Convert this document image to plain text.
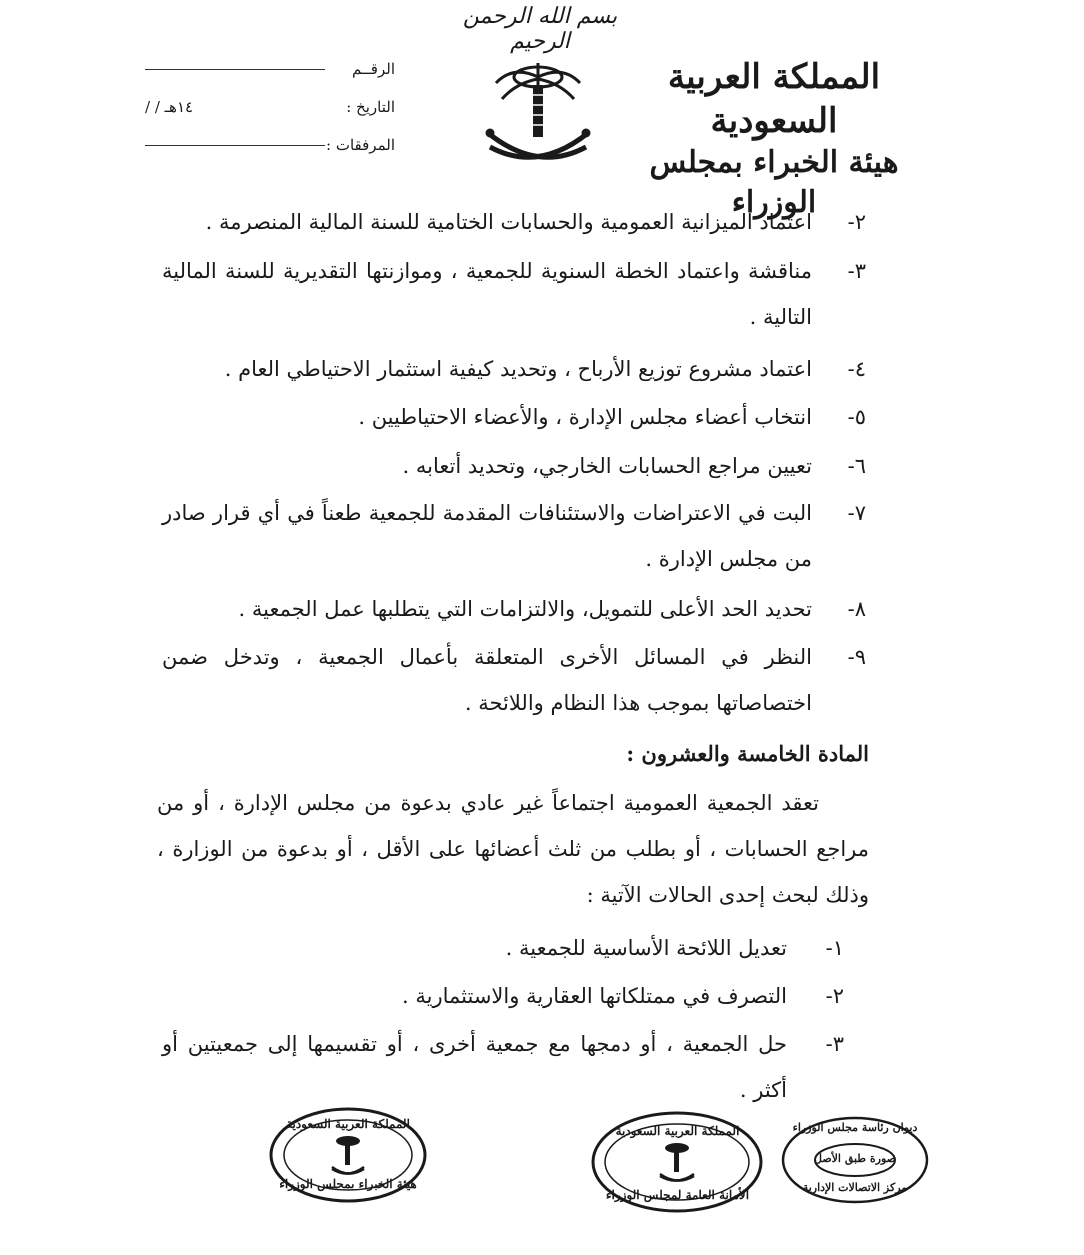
بسم الله الرحمن الرحيم
المملكة العربية السعودية
هيئة الخبراء بمجلس الوزراء
الرقــم
التاريخ :
/ / ١٤هـ
المرفقات :
٢-
اعتماد الميزانية العمومية والحسابات الختامية للسنة المالية المنصرمة .
٣-
مناقشة واعتماد الخطة السنوية للجمعية ، وموازنتها التقديرية للسنة المالية التالية .
٤-
اعتماد مشروع توزيع الأرباح ، وتحديد كيفية استثمار الاحتياطي العام .
٥-
انتخاب أعضاء مجلس الإدارة ، والأعضاء الاحتياطيين .
٦-
تعيين مراجع الحسابات الخارجي، وتحديد أتعابه .
٧-
البت في الاعتراضات والاستئنافات المقدمة للجمعية طعناً في أي قرار صادر من مجلس الإدارة .
٨-
تحديد الحد الأعلى للتمويل، والالتزامات التي يتطلبها عمل الجمعية .
٩-
النظر في المسائل الأخرى المتعلقة بأعمال الجمعية ، وتدخل ضمن اختصاصاتها بموجب هذا النظام واللائحة .
المادة الخامسة والعشرون :
تعقد الجمعية العمومية اجتماعاً غير عادي بدعوة من مجلس الإدارة ، أو من مراجع الحسابات ، أو بطلب من ثلث أعضائها على الأقل ، أو بدعوة من الوزارة ، وذلك لبحث إحدى الحالات الآتية :
١-
تعديل اللائحة الأساسية للجمعية .
٢-
التصرف في ممتلكاتها العقارية والاستثمارية .
٣-
حل الجمعية ، أو دمجها مع جمعية أخرى ، أو تقسيمها إلى جمعيتين أو أكثر .
ديوان رئاسة مجلس الوزراء
صورة طبق الأصل
مركز الاتصالات الإدارية
المملكة العربية السعودية
الأمانة العامة لمجلس الوزراء
المملكة العربية السعودية
هيئة الخبراء بمجلس الوزراء
